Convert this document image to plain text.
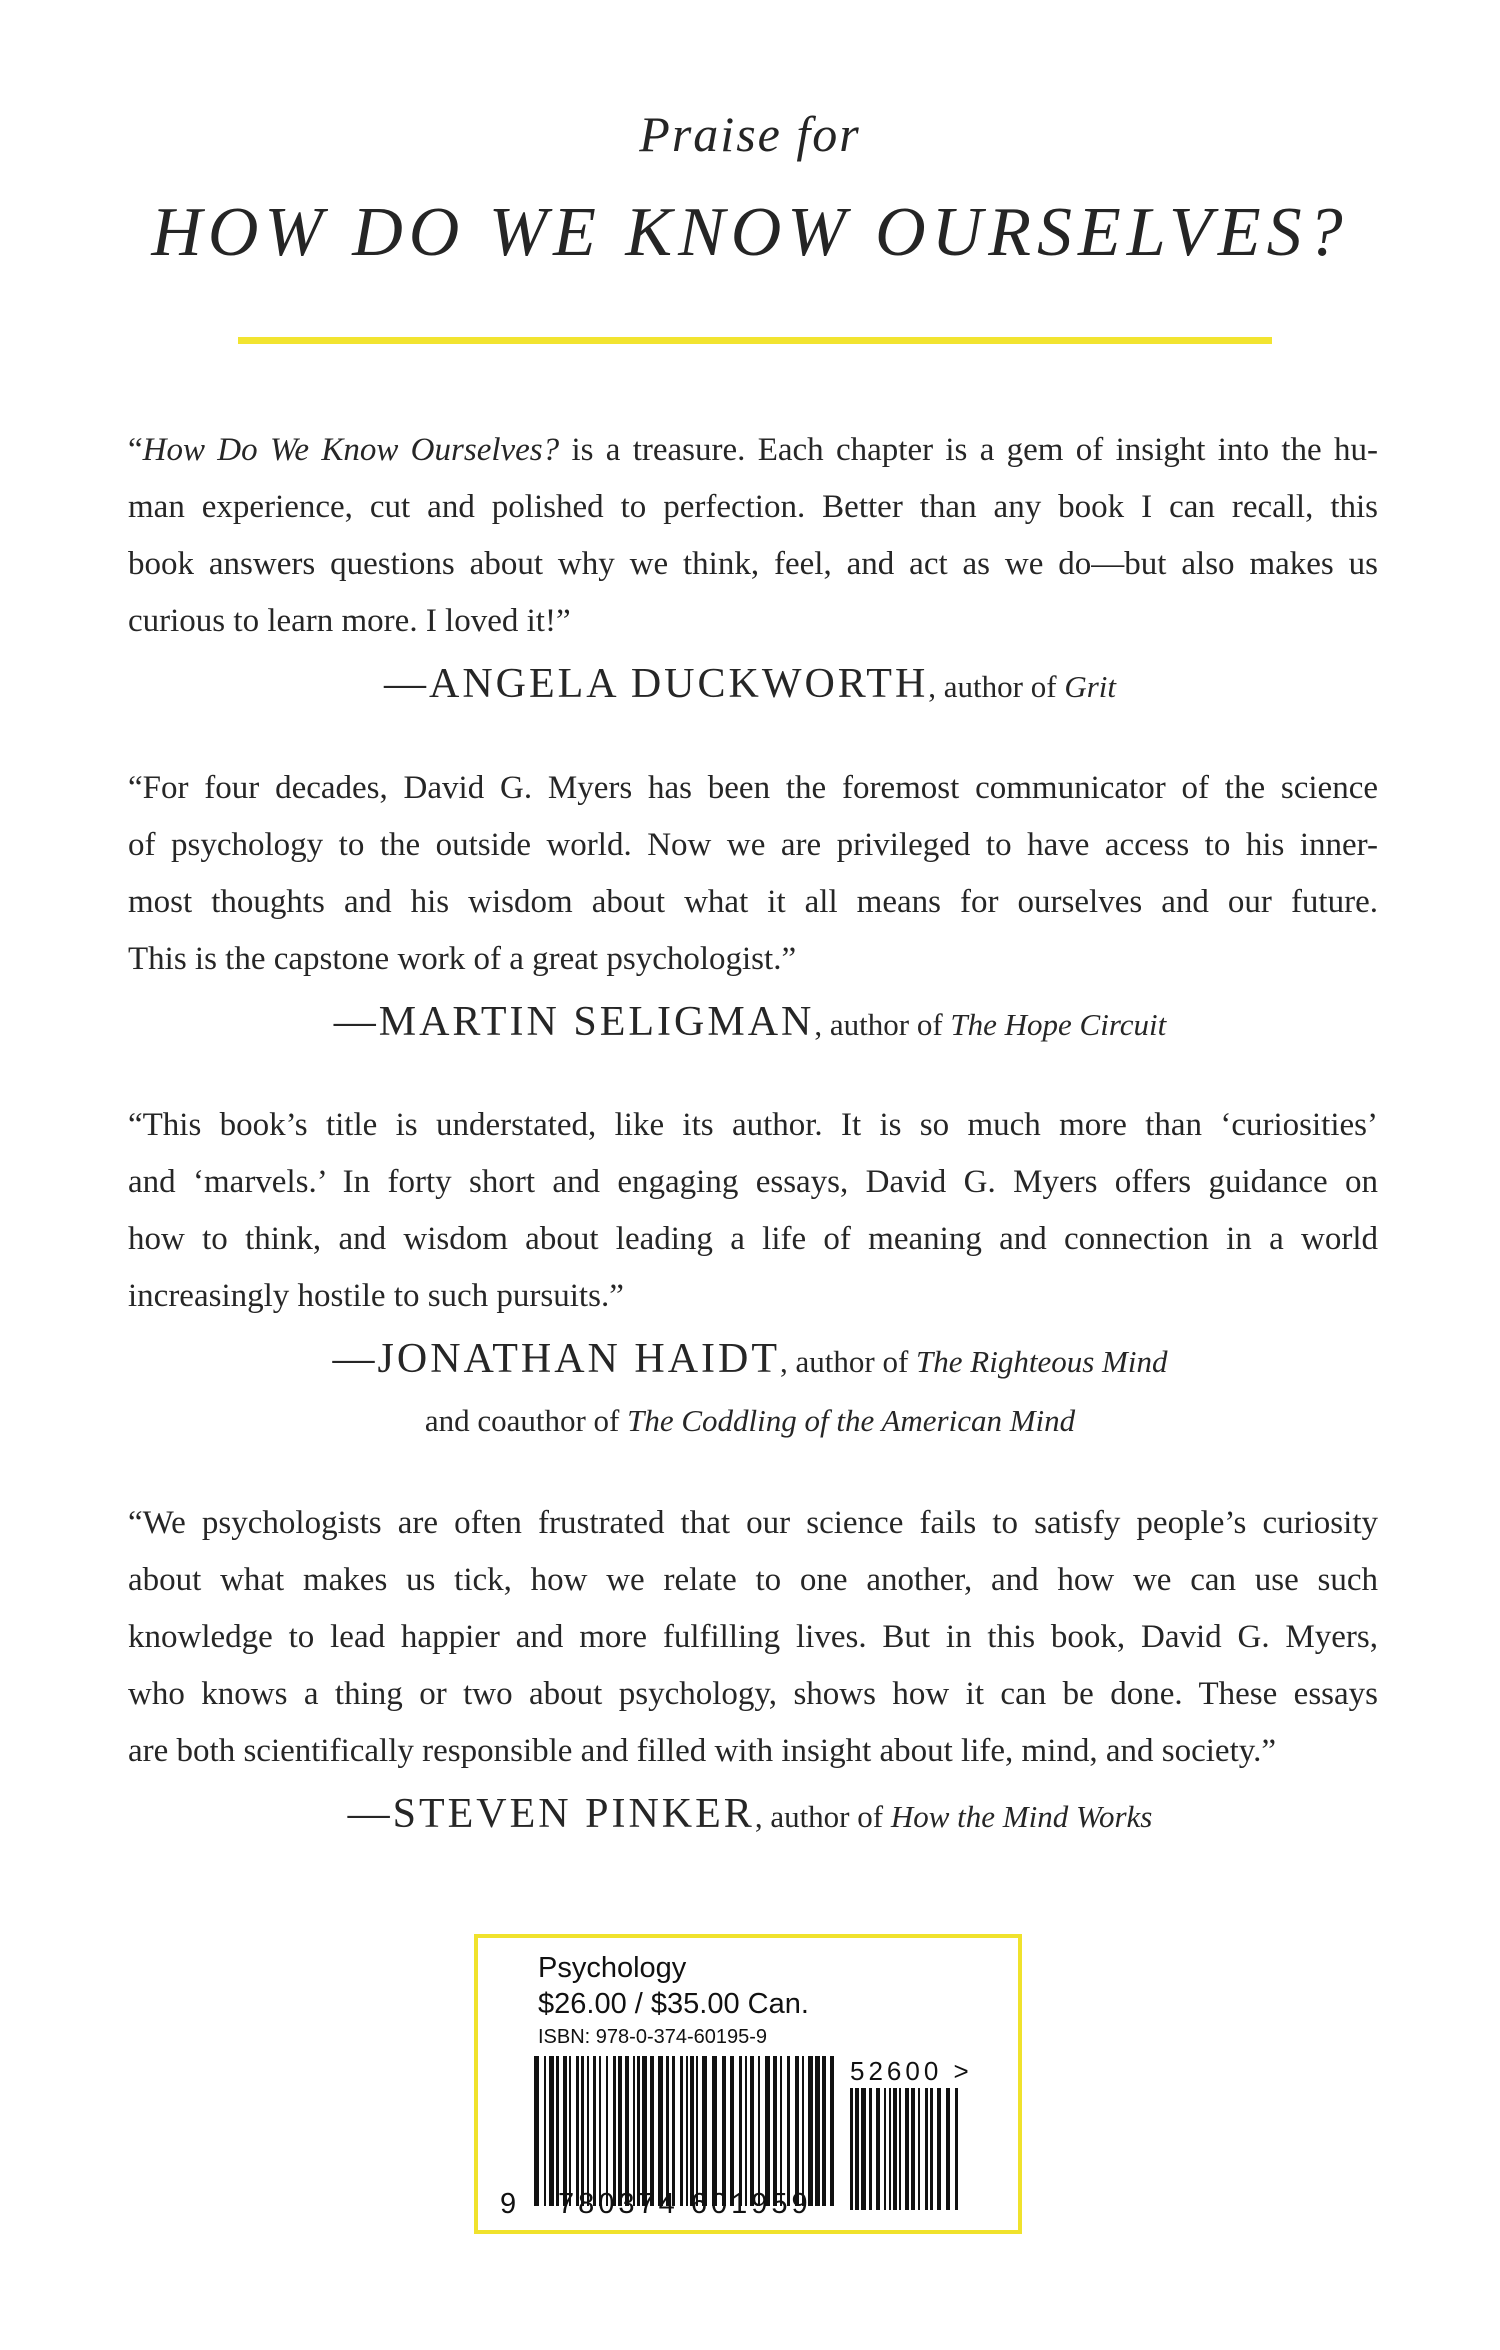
Praise for
HOW DO WE KNOW OURSELVES?
“How Do We Know Ourselves? is a treasure. Each chapter is a gem of insight into the hu-
man experience, cut and polished to perfection. Better than any book I can recall, this
book answers questions about why we think, feel, and act as we do—but also makes us
curious to learn more. I loved it!”
—ANGELA DUCKWORTH, author of Grit
“For four decades, David G. Myers has been the foremost communicator of the science
of psychology to the outside world. Now we are privileged to have access to his inner-
most thoughts and his wisdom about what it all means for ourselves and our future.
This is the capstone work of a great psychologist.”
—MARTIN SELIGMAN, author of The Hope Circuit
“This book’s title is understated, like its author. It is so much more than ‘curiosities’
and ‘marvels.’ In forty short and engaging essays, David G. Myers offers guidance on
how to think, and wisdom about leading a life of meaning and connection in a world
increasingly hostile to such pursuits.”
—JONATHAN HAIDT, author of The Righteous Mind
and coauthor of The Coddling of the American Mind
“We psychologists are often frustrated that our science fails to satisfy people’s curiosity
about what makes us tick, how we relate to one another, and how we can use such
knowledge to lead happier and more fulfilling lives. But in this book, David G. Myers,
who knows a thing or two about psychology, shows how it can be done. These essays
are both scientifically responsible and filled with insight about life, mind, and society.”
—STEVEN PINKER, author of How the Mind Works
Psychology
$26.00 / $35.00 Can.
ISBN: 978-0-374-60195-9
9 780374 601959
52600 >
